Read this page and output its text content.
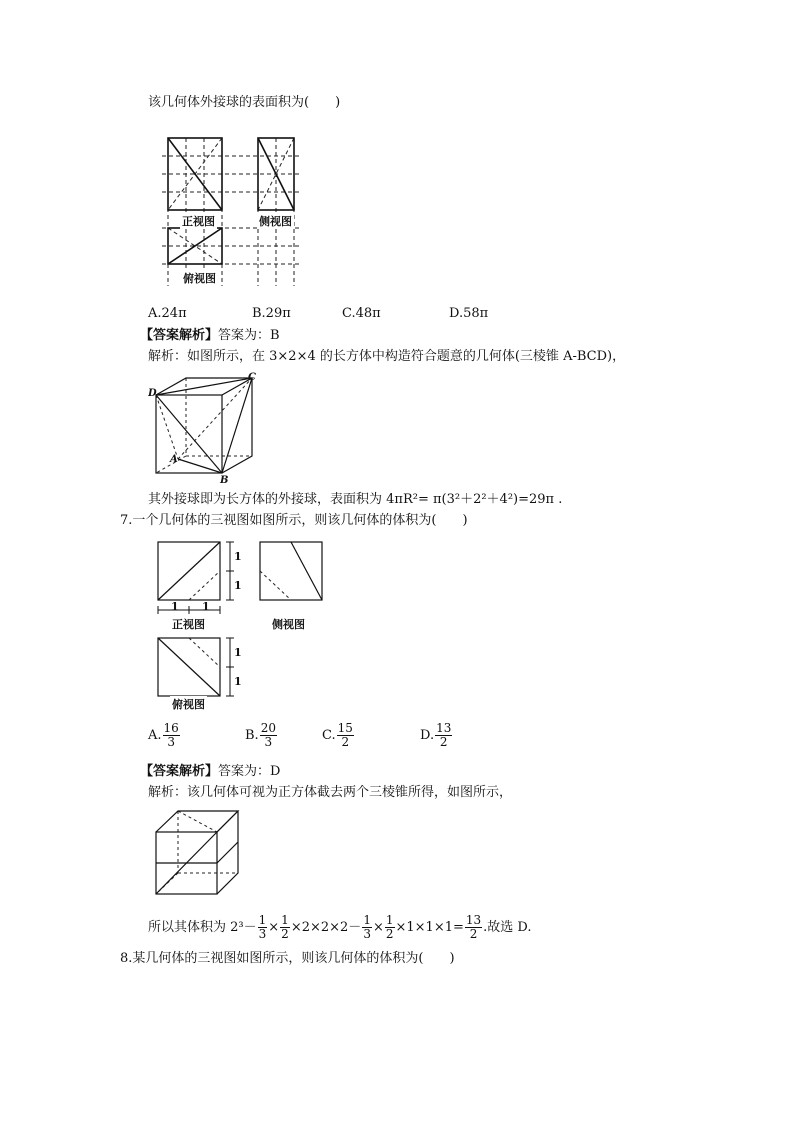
该几何体外接球的表面积为(　　)
正视图	侧视图
俯视图
A.24π	B.29π	C.48π	D.58π
【答案解析】答案为：B
解析：如图所示，在 3×2×4 的长方体中构造符合题意的几何体(三棱锥 A-BCD)，
D
C
A
B
其外接球即为长方体的外接球，表面积为 4πR²= π(3²＋2²＋4²)=29π .
7.一个几何体的三视图如图所示，则该几何体的体积为(　　)
1
1
1 1
正视图	侧视图
1
1
俯视图
A. $\frac{16}{3}$	B. $\frac{20}{3}$	C. $\frac{15}{2}$	D. $\frac{13}{2}$
【答案解析】答案为：D
解析：该几何体可视为正方体截去两个三棱锥所得，如图所示，
所以其体积为 $2^3- \frac{1}{3} \times \frac{1}{2} \times 2\times 2\times 2- \frac{1}{3} \times \frac{1}{2} \times 1\times 1\times 1= \frac{13}{2}$ .故选 D.
8.某几何体的三视图如图所示，则该几何体的体积为(　　)
